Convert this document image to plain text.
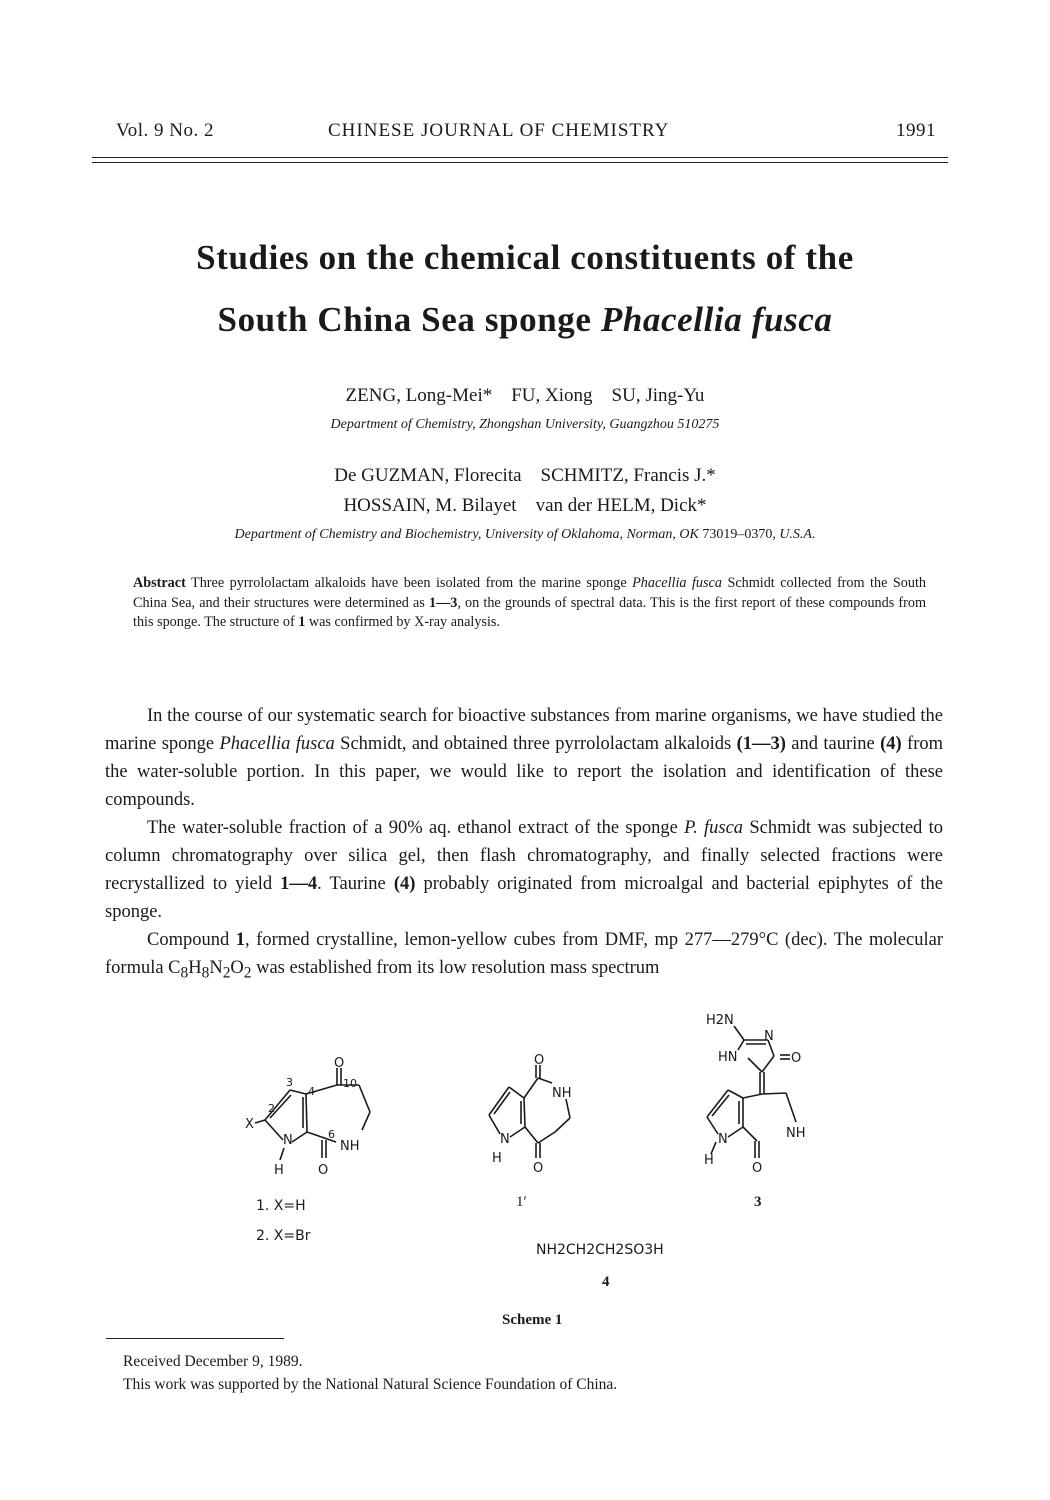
Vol. 9 No. 2	CHINESE JOURNAL OF CHEMISTRY	1991
Studies on the chemical constituents of the
South China Sea sponge Phacellia fusca
ZENG, Long-Mei* FU, Xiong SU, Jing-Yu
Department of Chemistry, Zhongshan University, Guangzhou 510275
De GUZMAN, Florecita SCHMITZ, Francis J.*
HOSSAIN, M. Bilayet van der HELM, Dick*
Department of Chemistry and Biochemistry, University of Oklahoma, Norman, OK 73019–0370, U.S.A.
Abstract Three pyrrololactam alkaloids have been isolated from the marine sponge Phacellia fusca Schmidt collected from the South China Sea, and their structures were determined as 1—3, on the grounds of spectral data. This is the first report of these compounds from this sponge. The structure of 1 was confirmed by X-ray analysis.

In the course of our systematic search for bioactive substances from marine organisms, we have studied the marine sponge Phacellia fusca Schmidt, and obtained three pyrrololactam alkaloids (1—3) and taurine (4) from the water-soluble portion. In this paper, we would like to report the isolation and identification of these compounds.

The water-soluble fraction of a 90% aq. ethanol extract of the sponge P. fusca Schmidt was subjected to column chromatography over silica gel, then flash chromatography, and finally selected fractions were recrystallized to yield 1—4. Taurine (4) probably originated from microalgal and bacterial epiphytes of the sponge.

Compound 1, formed crystalline, lemon-yellow cubes from DMF, mp 277—279°C (dec). The molecular formula $C_8H_8N_2O_2$ was established from its low resolution mass spectrum

O
10
3
4
2
X
N	6
NH
H	O
O
NH
N
H
O
H2N
N
HN	O
N	NH
H
O
1. X=H
2. X=Br
1′	3
NH2CH2CH2SO3H
4
Scheme 1
Received December 9, 1989.
This work was supported by the National Natural Science Foundation of China.
